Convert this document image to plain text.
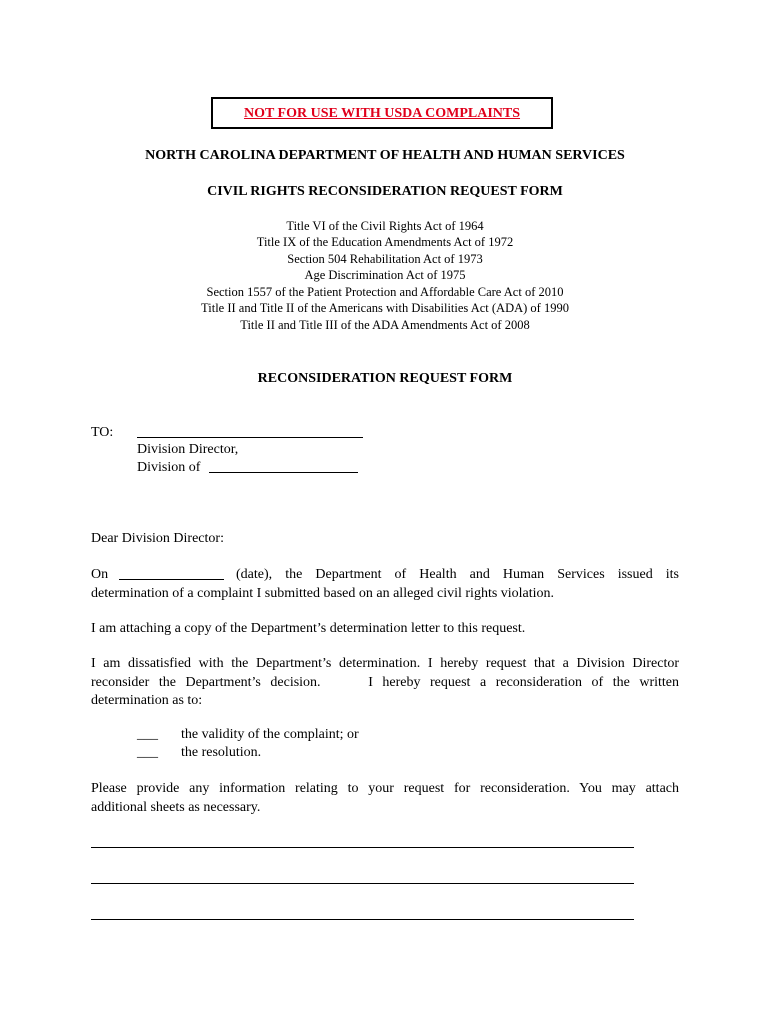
NOT FOR USE WITH USDA COMPLAINTS
NORTH CAROLINA DEPARTMENT OF HEALTH AND HUMAN SERVICES
CIVIL RIGHTS RECONSIDERATION REQUEST FORM
Title VI of the Civil Rights Act of 1964
Title IX of the Education Amendments Act of 1972
Section 504 Rehabilitation Act of 1973
Age Discrimination Act of 1975
Section 1557 of the Patient Protection and Affordable Care Act of 2010
Title II and Title II of the Americans with Disabilities Act (ADA) of 1990
Title II and Title III of the ADA Amendments Act of 2008
RECONSIDERATION REQUEST FORM
TO:
Division Director,
Division of
Dear Division Director:
On	(date), the Department of Health and Human Services issued its
determination of a complaint I submitted based on an alleged civil rights violation.
I am attaching a copy of the Department’s determination letter to this request.
I am dissatisfied with the Department’s determination. I hereby request that a Division Director
reconsider the Department’s decision.     I hereby request a reconsideration of the written
determination as to:
___ the validity of the complaint; or
___ the resolution.
Please provide any information relating to your request for reconsideration. You may attach
additional sheets as necessary.
